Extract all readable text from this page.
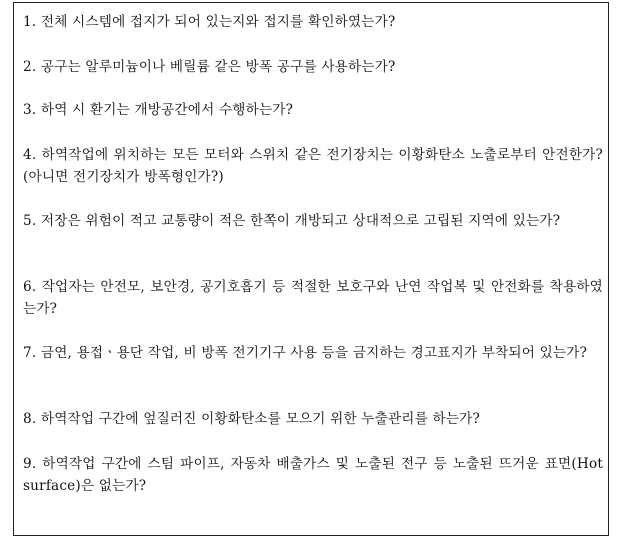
1. 전체 시스템에 접지가 되어 있는지와 접지를 확인하였는가?
2. 공구는 알루미늄이나 베릴륨 같은 방폭 공구를 사용하는가?
3. 하역 시 환기는 개방공간에서 수행하는가?
4. 하역작업에 위치하는 모든 모터와 스위치 같은 전기장치는 이황화탄소 노출로부터 안전한가? (아니면 전기장치가 방폭형인가?)
5. 저장은 위험이 적고 교통량이 적은 한쪽이 개방되고 상대적으로 고립된 지역에 있는가?
6. 작업자는 안전모, 보안경, 공기호흡기 등 적절한 보호구와 난연 작업복 및 안전화를 착용하였는가?
7. 금연, 용접ㆍ용단 작업, 비 방폭 전기기구 사용 등을 금지하는 경고표지가 부착되어 있는가?
8. 하역작업 구간에 엎질러진 이황화탄소를 모으기 위한 누출관리를 하는가?
9. 하역작업 구간에 스팀 파이프, 자동차 배출가스 및 노출된 전구 등 노출된 뜨거운 표면(Hot surface)은 없는가?
